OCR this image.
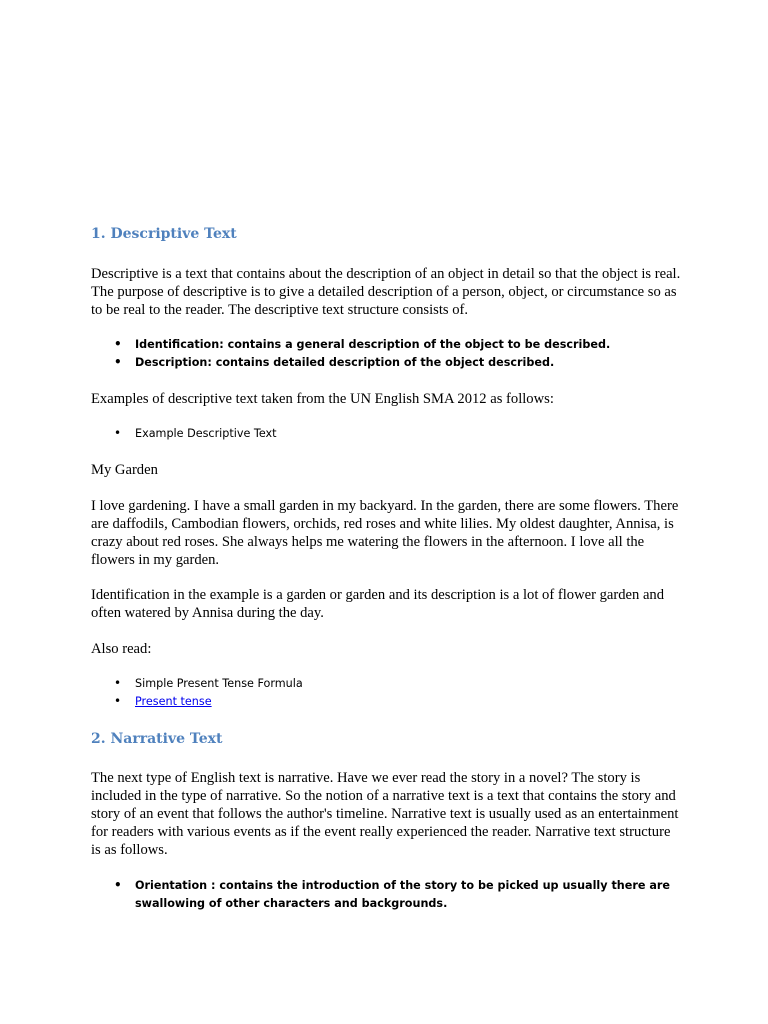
1. Descriptive Text

Descriptive is a text that contains about the description of an object in detail so that the object is real. The purpose of descriptive is to give a detailed description of a person, object, or circumstance so as to be real to the reader. The descriptive text structure consists of.

• Identification: contains a general description of the object to be described.
• Description: contains detailed description of the object described.

Examples of descriptive text taken from the UN English SMA 2012 as follows:

• Example Descriptive Text

My Garden

I love gardening. I have a small garden in my backyard. In the garden, there are some flowers. There are daffodils, Cambodian flowers, orchids, red roses and white lilies. My oldest daughter, Annisa, is crazy about red roses. She always helps me watering the flowers in the afternoon. I love all the flowers in my garden.

Identification in the example is a garden or garden and its description is a lot of flower garden and often watered by Annisa during the day.

Also read:

• Simple Present Tense Formula
• Present tense
2. Narrative Text

The next type of English text is narrative. Have we ever read the story in a novel? The story is included in the type of narrative. So the notion of a narrative text is a text that contains the story and story of an event that follows the author's timeline. Narrative text is usually used as an entertainment for readers with various events as if the event really experienced the reader. Narrative text structure is as follows.

• Orientation : contains the introduction of the story to be picked up usually there are swallowing of other characters and backgrounds.
